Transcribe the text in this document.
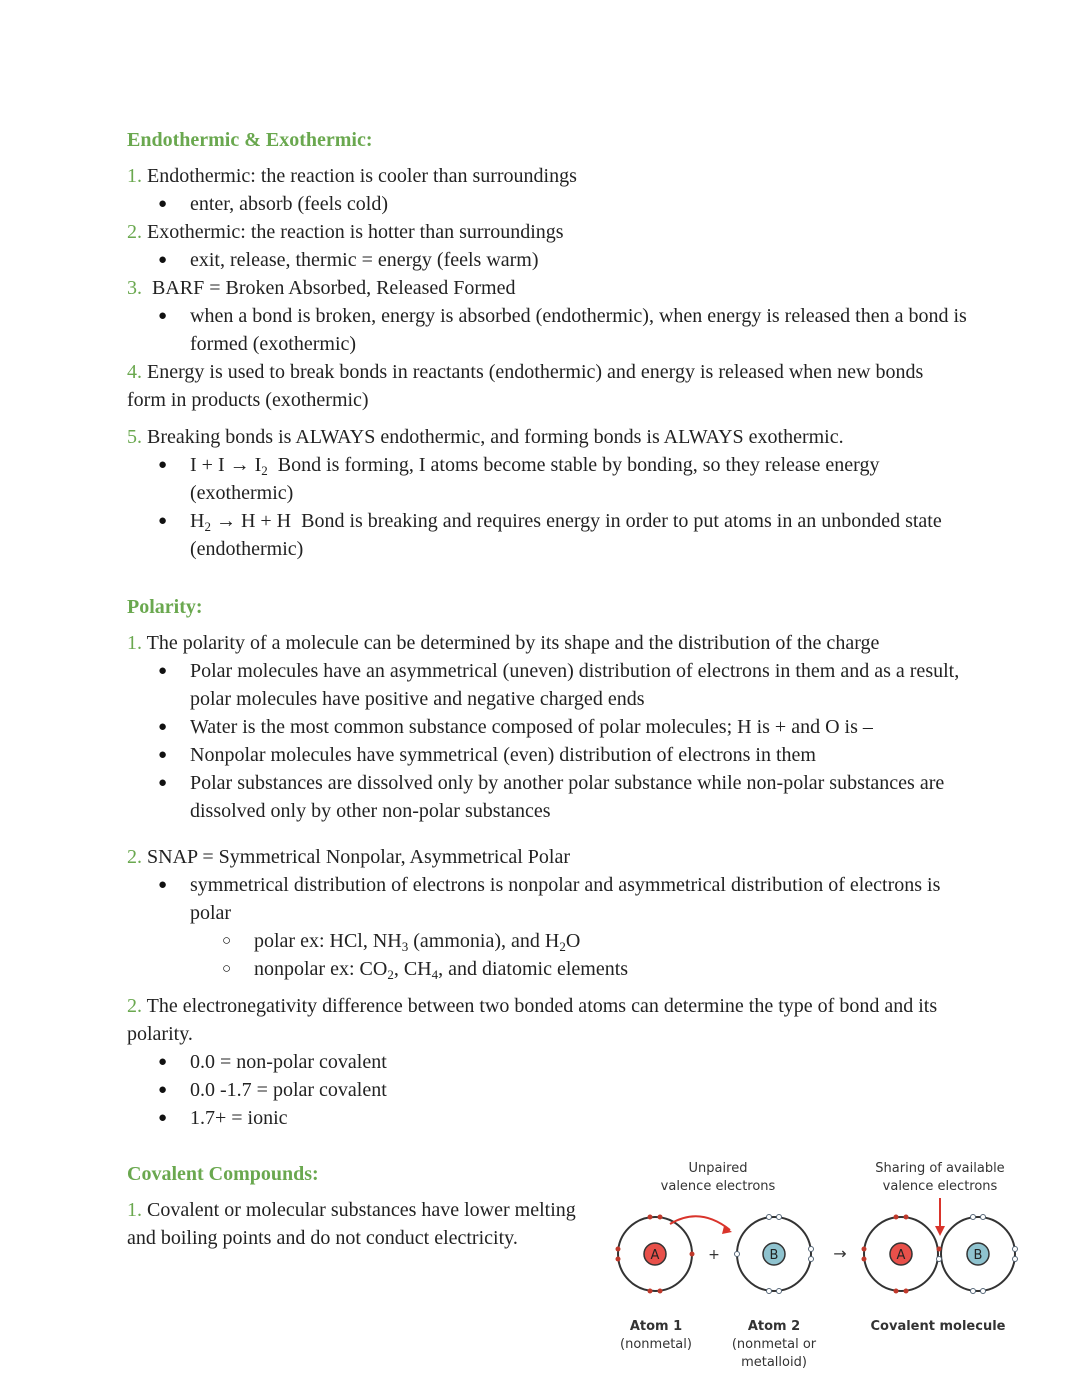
Endothermic & Exothermic:

1. Endothermic: the reaction is cooler than surroundings

● enter, absorb (feels cold)

2. Exothermic: the reaction is hotter than surroundings

● exit, release, thermic = energy (feels warm)

3. BARF = Broken Absorbed, Released Formed

● when a bond is broken, energy is absorbed (endothermic), when energy is released then a bond is formed (exothermic)

4. Energy is used to break bonds in reactants (endothermic) and energy is released when new bonds form in products (exothermic)

5. Breaking bonds is ALWAYS endothermic, and forming bonds is ALWAYS exothermic.

● $I + I \to I_2$ Bond is forming, I atoms become stable by bonding, so they release energy (exothermic)
● $H_2 \to H + H$ Bond is breaking and requires energy in order to put atoms in an unbonded state (endothermic)
Polarity:

1. The polarity of a molecule can be determined by its shape and the distribution of the charge

● Polar molecules have an asymmetrical (uneven) distribution of electrons in them and as a result, polar molecules have positive and negative charged ends
● Water is the most common substance composed of polar molecules; H is + and O is –
● Nonpolar molecules have symmetrical (even) distribution of electrons in them
● Polar substances are dissolved only by another polar substance while non-polar substances are dissolved only by other non-polar substances

2. SNAP = Symmetrical Nonpolar, Asymmetrical Polar

● symmetrical distribution of electrons is nonpolar and asymmetrical distribution of electrons is polar
○ polar ex: HCl, $NH_3$ (ammonia), and $H_2O$
○ nonpolar ex: $CO_2$, $CH_4$, and diatomic elements

2. The electronegativity difference between two bonded atoms can determine the type of bond and its polarity.

● 0.0 = non-polar covalent
● 0.0 -1.7 = polar covalent
● 1.7+ = ionic
Covalent Compounds:

1. Covalent or molecular substances have lower melting and boiling points and do not conduct electricity.

Unpaired
valence electrons
Sharing of available
valence electrons
A	+	B	→	A	B
Atom 1
(nonmetal)
Atom 2
(nonmetal or
metalloid)
Covalent molecule
